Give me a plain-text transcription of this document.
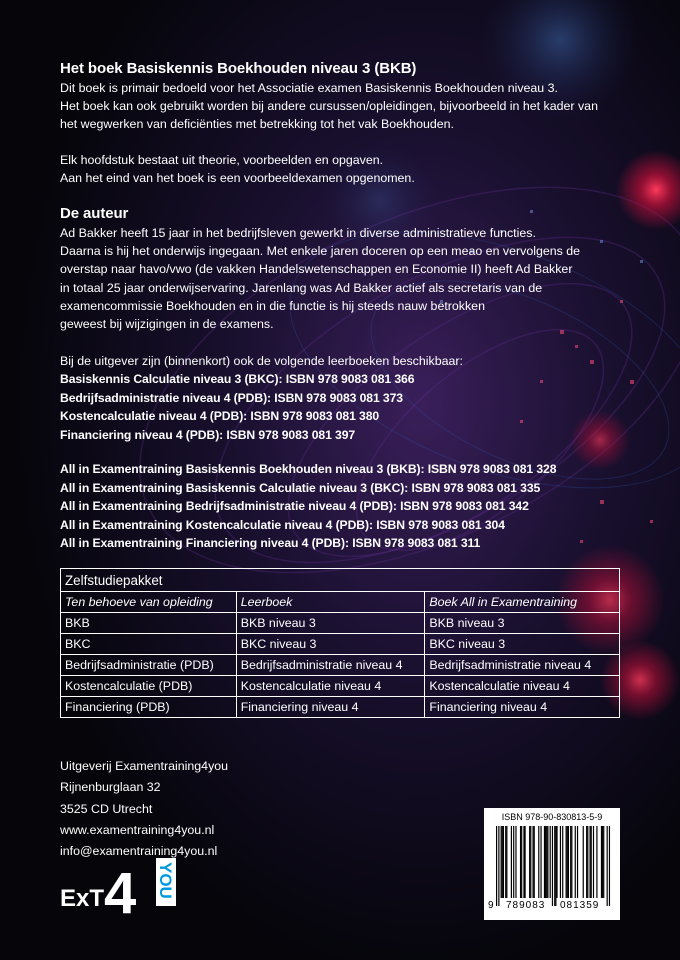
Het boek Basiskennis Boekhouden niveau 3 (BKB)
Dit boek is primair bedoeld voor het Associatie examen Basiskennis Boekhouden niveau 3.
Het boek kan ook gebruikt worden bij andere cursussen/opleidingen, bijvoorbeeld in het kader van
het wegwerken van deficiënties met betrekking tot het vak Boekhouden.
Elk hoofdstuk bestaat uit theorie, voorbeelden en opgaven.
Aan het eind van het boek is een voorbeeldexamen opgenomen.
De auteur
Ad Bakker heeft 15 jaar in het bedrijfsleven gewerkt in diverse administratieve functies.
Daarna is hij het onderwijs ingegaan. Met enkele jaren doceren op een meao en vervolgens de
overstap naar havo/vwo (de vakken Handelswetenschappen en Economie II) heeft Ad Bakker
in totaal 25 jaar onderwijservaring. Jarenlang was Ad Bakker actief als secretaris van de
examencommissie Boekhouden en in die functie is hij steeds nauw betrokken
geweest bij wijzigingen in de examens.
Bij de uitgever zijn (binnenkort) ook de volgende leerboeken beschikbaar:
Basiskennis Calculatie niveau 3 (BKC): ISBN 978 9083 081 366
Bedrijfsadministratie niveau 4 (PDB): ISBN 978 9083 081 373
Kostencalculatie niveau 4 (PDB): ISBN 978 9083 081 380
Financiering niveau 4 (PDB): ISBN 978 9083 081 397
All in Examentraining Basiskennis Boekhouden niveau 3 (BKB): ISBN 978 9083 081 328
All in Examentraining Basiskennis Calculatie niveau 3 (BKC): ISBN 978 9083 081 335
All in Examentraining Bedrijfsadministratie niveau 4 (PDB): ISBN 978 9083 081 342
All in Examentraining Kostencalculatie niveau 4 (PDB): ISBN 978 9083 081 304
All in Examentraining Financiering niveau 4 (PDB): ISBN 978 9083 081 311
Zelfstudiepakket		
Ten behoeve van opleiding	Leerboek	Boek All in Examentraining
BKB	BKB niveau 3	BKB niveau 3
BKC	BKC niveau 3	BKC niveau 3
Bedrijfsadministratie (PDB)	Bedrijfsadministratie niveau 4	Bedrijfsadministratie niveau 4
Kostencalculatie (PDB)	Kostencalculatie niveau 4	Kostencalculatie niveau 4
Financiering (PDB)	Financiering niveau 4	Financiering niveau 4
Uitgeverij Examentraining4you
Rijnenburglaan 32
3525 CD Utrecht
www.examentraining4you.nl
info@examentraining4you.nl
ExT 4 YOU
ISBN 978-90-830813-5-9
9 789083 081359
